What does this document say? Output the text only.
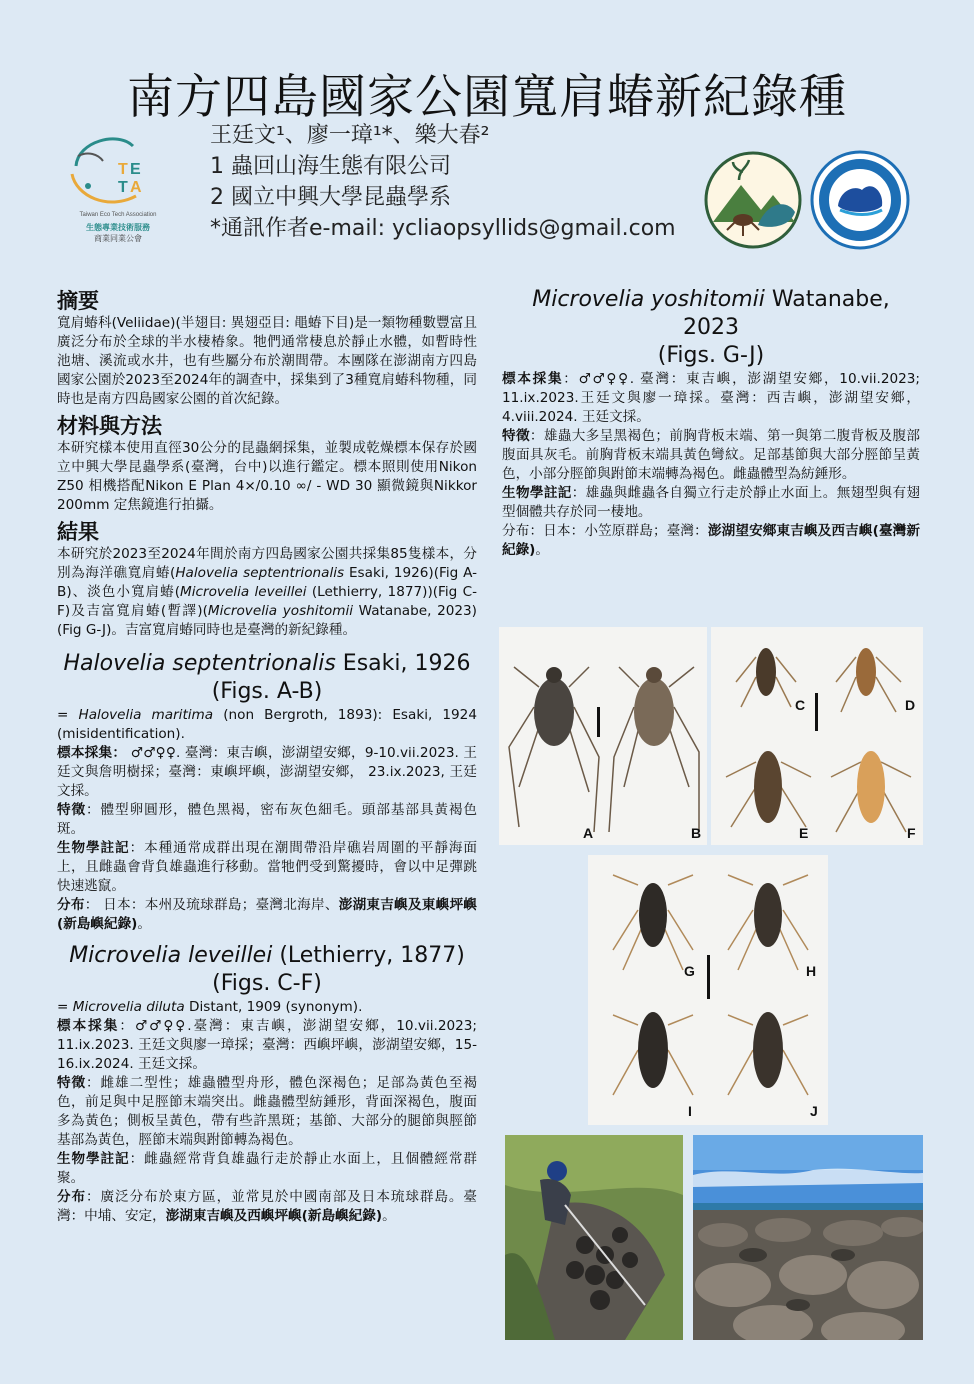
南方四島國家公園寬肩蝽新紀錄種
T E
T A
Taiwan Eco Tech Association
生態專業技術服務
商業同業公會
王廷文¹、廖一璋¹*、樂大春²
1 蟲回山海生態有限公司
2 國立中興大學昆蟲學系
*通訊作者e-mail: ycliaopsyllids@gmail.com
摘要

寬肩蝽科(Veliidae)(半翅目: 異翅亞目: 黽蝽下目)是一類物種數豐富且廣泛分布於全球的半水棲椿象。牠們通常棲息於靜止水體，如暫時性池塘、溪流或水井，也有些屬分布於潮間帶。本團隊在澎湖南方四島國家公園於2023至2024年的調查中，採集到了3種寬肩蝽科物種，同時也是南方四島國家公園的首次紀錄。

材料與方法

本研究樣本使用直徑30公分的昆蟲網採集，並製成乾燥標本保存於國立中興大學昆蟲學系(臺灣，台中)以進行鑑定。標本照則使用Nikon Z50 相機搭配Nikon E Plan 4×/0.10 ∞/ - WD 30 顯微鏡與Nikkor 200mm 定焦鏡進行拍攝。

結果

本研究於2023至2024年間於南方四島國家公園共採集85隻樣本，分別為海洋礁寬肩蝽(Halovelia septentrionalis Esaki, 1926)(Fig A-B)、淡色小寬肩蝽(Microvelia leveillei (Lethierry, 1877))(Fig C-F)及吉富寬肩蝽(暫譯)(Microvelia yoshitomii Watanabe, 2023)(Fig G-J)。吉富寬肩蝽同時也是臺灣的新紀錄種。

Halovelia septentrionalis Esaki, 1926
(Figs. A-B)

= Halovelia maritima (non Bergroth, 1893): Esaki, 1924 (misidentification).

標本採集： ♂♂♀♀. 臺灣：東吉嶼，澎湖望安鄉，9-10.vii.2023. 王廷文與詹明樹採；臺灣：東嶼坪嶼，澎湖望安鄉， 23.ix.2023, 王廷文採。

特徵：體型卵圓形，體色黑褐，密布灰色細毛。頭部基部具黃褐色斑。

生物學註記：本種通常成群出現在潮間帶沿岸礁岩周圍的平靜海面上，且雌蟲會背負雄蟲進行移動。當牠們受到驚擾時，會以中足彈跳快速逃竄。

分布： 日本：本州及琉球群島；臺灣北海岸、澎湖東吉嶼及東嶼坪嶼(新島嶼紀錄)。

Microvelia leveillei (Lethierry, 1877)
(Figs. C-F)

= Microvelia diluta Distant, 1909 (synonym).

標本採集：♂♂♀♀.臺灣：東吉嶼，澎湖望安鄉，10.vii.2023; 11.ix.2023. 王廷文與廖一璋採；臺灣：西嶼坪嶼，澎湖望安鄉，15-16.ix.2024. 王廷文採。

特徵：雌雄二型性；雄蟲體型舟形，體色深褐色；足部為黃色至褐色，前足與中足脛節末端突出。雌蟲體型紡錘形，背面深褐色，腹面多為黃色；側板呈黃色，帶有些許黑斑；基節、大部分的腿節與脛節基部為黃色，脛節末端與跗節轉為褐色。

生物學註記：雌蟲經常背負雄蟲行走於靜止水面上，且個體經常群聚。

分布：廣泛分布於東方區，並常見於中國南部及日本琉球群島。臺灣：中埔、安定，澎湖東吉嶼及西嶼坪嶼(新島嶼紀錄)。

Microvelia yoshitomii Watanabe, 2023
(Figs. G-J)

標本採集：♂♂♀♀. 臺灣：東吉嶼，澎湖望安鄉，10.vii.2023; 11.ix.2023.王廷文與廖一璋採。臺灣：西吉嶼，澎湖望安鄉，4.viii.2024. 王廷文採。

特徵：雄蟲大多呈黑褐色；前胸背板末端、第一與第二腹背板及腹部腹面具灰毛。前胸背板末端具黃色彎紋。足部基節與大部分脛節呈黃色，小部分脛節與跗節末端轉為褐色。雌蟲體型為紡錘形。

生物學註記：雄蟲與雌蟲各自獨立行走於靜止水面上。無翅型與有翅型個體共存於同一棲地。

分布：日本：小笠原群島；臺灣：澎湖望安鄉東吉嶼及西吉嶼(臺灣新紀錄)。

A	B
C	D
E	F
G	H
I	J
